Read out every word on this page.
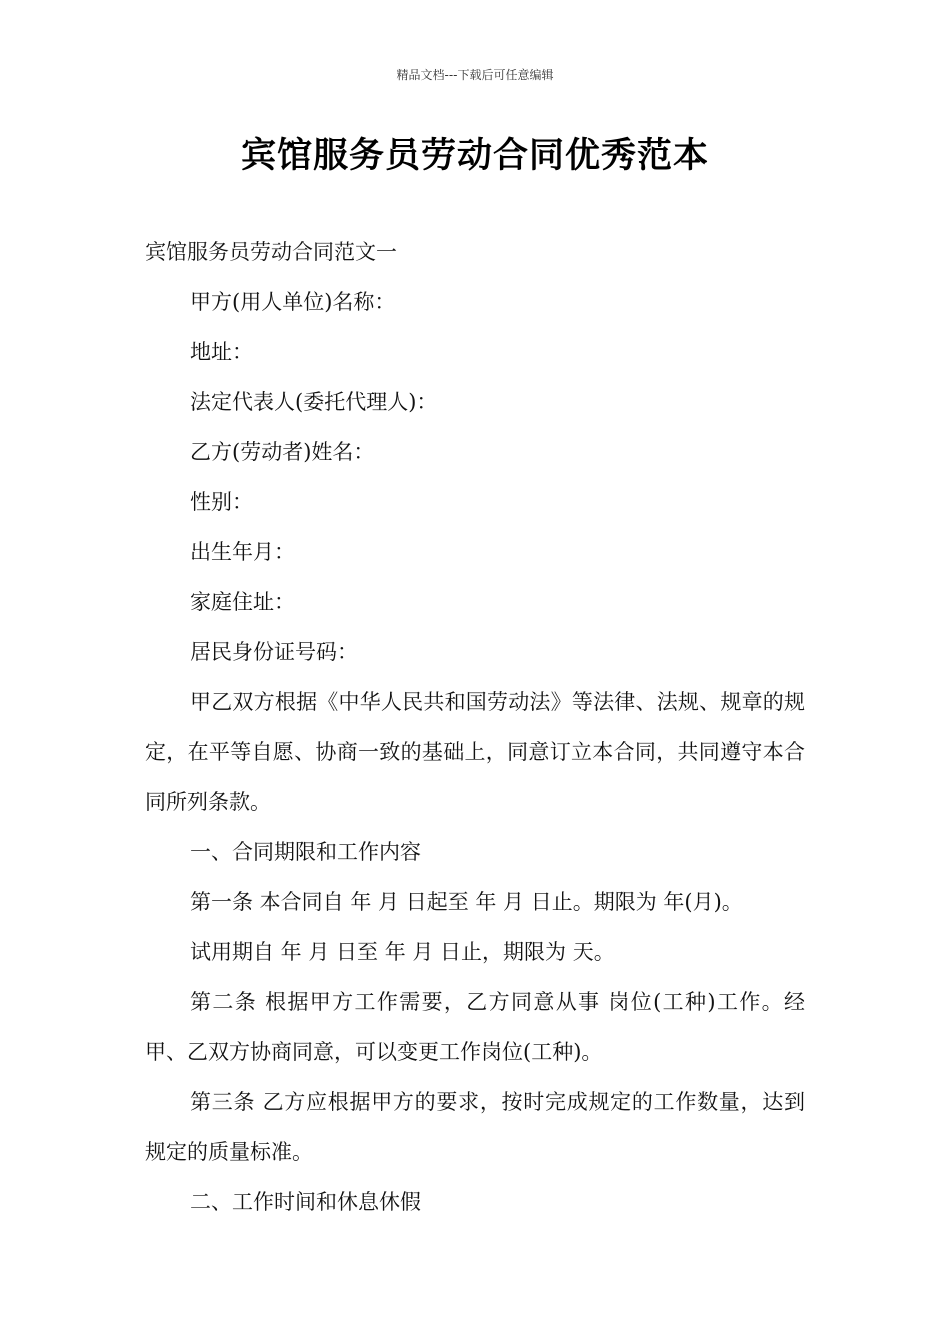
精品文档---下载后可任意编辑
宾馆服务员劳动合同优秀范本

宾馆服务员劳动合同范文一

甲方(用人单位)名称：

地址：

法定代表人(委托代理人)：

乙方(劳动者)姓名：

性别：

出生年月：

家庭住址：

居民身份证号码：

甲乙双方根据《中华人民共和国劳动法》等法律、法规、规章的规定，在平等自愿、协商一致的基础上，同意订立本合同，共同遵守本合同所列条款。

一、合同期限和工作内容

第一条 本合同自 年 月 日起至 年 月 日止。期限为 年(月)。

试用期自 年 月 日至 年 月 日止，期限为 天。

第二条 根据甲方工作需要，乙方同意从事 岗位(工种)工作。经甲、乙双方协商同意，可以变更工作岗位(工种)。

第三条 乙方应根据甲方的要求，按时完成规定的工作数量，达到规定的质量标准。

二、工作时间和休息休假
